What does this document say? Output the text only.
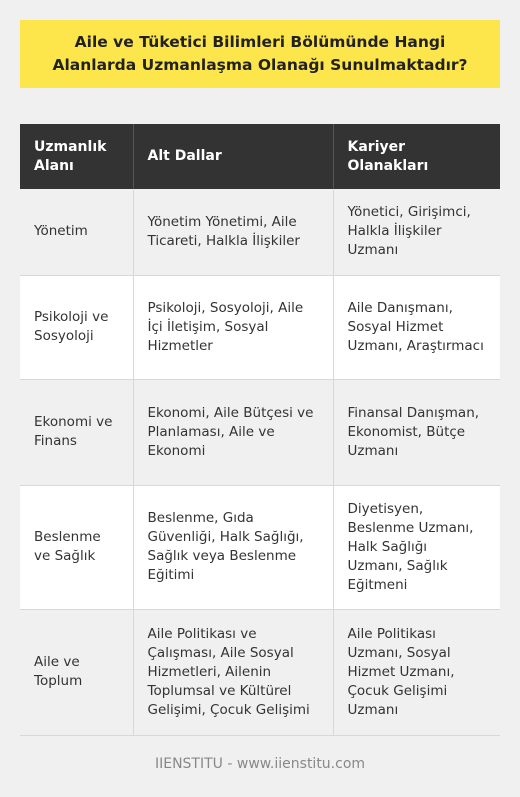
Aile ve Tüketici Bilimleri Bölümünde Hangi Alanlarda Uzmanlaşma Olanağı Sunulmaktadır?
Uzmanlık Alanı	Alt Dallar	Kariyer Olanakları
Yönetim	Yönetim Yönetimi, Aile Ticareti, Halkla İlişkiler	Yönetici, Girişimci, Halkla İlişkiler Uzmanı
Psikoloji ve Sosyoloji	Psikoloji, Sosyoloji, Aile İçi İletişim, Sosyal Hizmetler	Aile Danışmanı, Sosyal Hizmet Uzmanı, Araştırmacı
Ekonomi ve Finans	Ekonomi, Aile Bütçesi ve Planlaması, Aile ve Ekonomi	Finansal Danışman, Ekonomist, Bütçe Uzmanı
Beslenme ve Sağlık	Beslenme, Gıda Güvenliği, Halk Sağlığı, Sağlık veya Beslenme Eğitimi	Diyetisyen, Beslenme Uzmanı, Halk Sağlığı Uzmanı, Sağlık Eğitmeni
Aile ve Toplum	Aile Politikası ve Çalışması, Aile Sosyal Hizmetleri, Ailenin Toplumsal ve Kültürel Gelişimi, Çocuk Gelişimi	Aile Politikası Uzmanı, Sosyal Hizmet Uzmanı, Çocuk Gelişimi Uzmanı
IIENSTITU - www.iienstitu.com
